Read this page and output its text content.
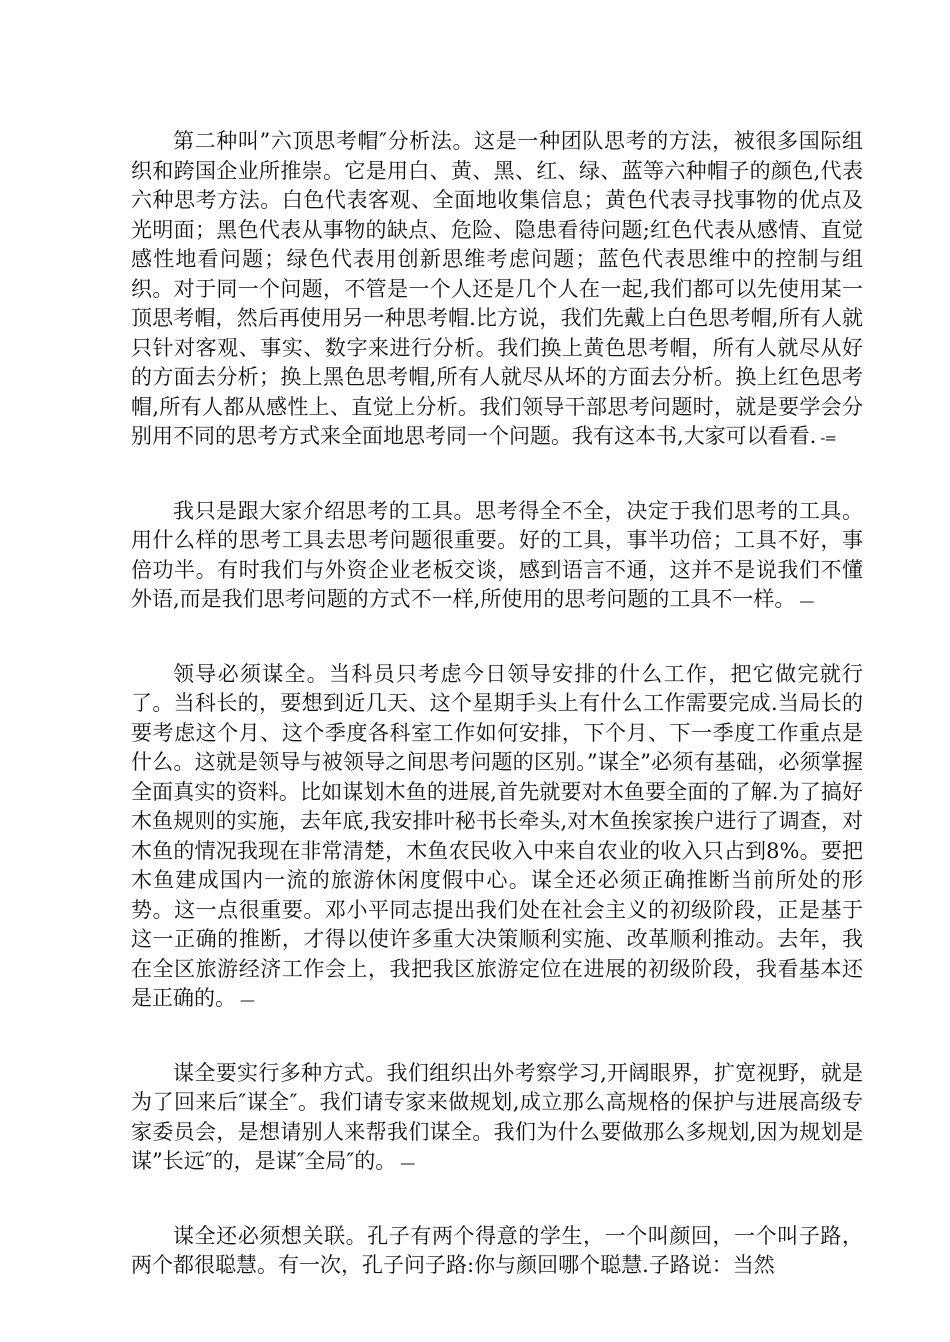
第二种叫”六顶思考帽″分析法。这是一种团队思考的方法，被很多国际组织和跨国企业所推崇。它是用白、黄、黑、红、绿、蓝等六种帽子的颜色,代表六种思考方法。白色代表客观、全面地收集信息；黄色代表寻找事物的优点及光明面；黑色代表从事物的缺点、危险、隐患看待问题;红色代表从感情、直觉感性地看问题；绿色代表用创新思维考虑问题；蓝色代表思维中的控制与组织。对于同一个问题，不管是一个人还是几个人在一起,我们都可以先使用某一顶思考帽，然后再使用另一种思考帽.比方说，我们先戴上白色思考帽,所有人就只针对客观、事实、数字来进行分析。我们换上黄色思考帽，所有人就尽从好的方面去分析；换上黑色思考帽,所有人就尽从坏的方面去分析。换上红色思考帽,所有人都从感性上、直觉上分析。我们领导干部思考问题时，就是要学会分别用不同的思考方式来全面地思考同一个问题。我有这本书,大家可以看看. -=

我只是跟大家介绍思考的工具。思考得全不全，决定于我们思考的工具。用什么样的思考工具去思考问题很重要。好的工具，事半功倍；工具不好，事倍功半。有时我们与外资企业老板交谈，感到语言不通，这并不是说我们不懂外语,而是我们思考问题的方式不一样,所使用的思考问题的工具不一样。 —

领导必须谋全。当科员只考虑今日领导安排的什么工作，把它做完就行了。当科长的，要想到近几天、这个星期手头上有什么工作需要完成.当局长的要考虑这个月、这个季度各科室工作如何安排，下个月、下一季度工作重点是什么。这就是领导与被领导之间思考问题的区别。”谋全”必须有基础，必须掌握全面真实的资料。比如谋划木鱼的进展,首先就要对木鱼要全面的了解.为了搞好木鱼规则的实施，去年底,我安排叶秘书长牵头,对木鱼挨家挨户进行了调查，对木鱼的情况我现在非常清楚，木鱼农民收入中来自农业的收入只占到8%。要把木鱼建成国内一流的旅游休闲度假中心。谋全还必须正确推断当前所处的形势。这一点很重要。邓小平同志提出我们处在社会主义的初级阶段，正是基于这一正确的推断，才得以使许多重大决策顺利实施、改革顺利推动。去年，我在全区旅游经济工作会上，我把我区旅游定位在进展的初级阶段，我看基本还是正确的。 —

谋全要实行多种方式。我们组织出外考察学习,开阔眼界，扩宽视野，就是为了回来后″谋全″。我们请专家来做规划,成立那么高规格的保护与进展高级专家委员会，是想请别人来帮我们谋全。我们为什么要做那么多规划,因为规划是谋”长远″的，是谋″全局″的。 —

谋全还必须想关联。孔子有两个得意的学生，一个叫颜回，一个叫子路，两个都很聪慧。有一次，孔子问子路:你与颜回哪个聪慧.子路说：当然
